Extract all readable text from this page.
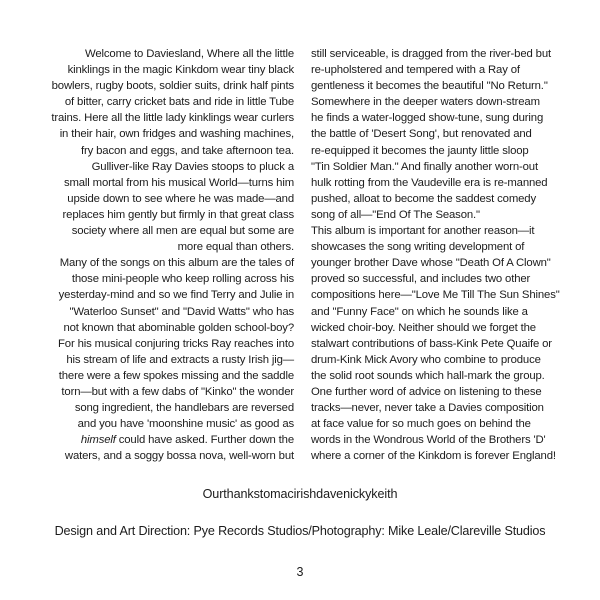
Welcome to Daviesland, Where all the little
kinklings in the magic Kinkdom wear tiny black
bowlers, rugby boots, soldier suits, drink half pints
of bitter, carry cricket bats and ride in little Tube
trains. Here all the little lady kinklings wear curlers
in their hair, own fridges and washing machines,
fry bacon and eggs, and take afternoon tea.
Gulliver-like Ray Davies stoops to pluck a
small mortal from his musical World—turns him
upside down to see where he was made—and
replaces him gently but firmly in that great class
society where all men are equal but some are
more equal than others.
Many of the songs on this album are the tales of
those mini-people who keep rolling across his
yesterday-mind and so we find Terry and Julie in
"Waterloo Sunset" and "David Watts" who has
not known that abominable golden school-boy?
For his musical conjuring tricks Ray reaches into
his stream of life and extracts a rusty Irish jig—
there were a few spokes missing and the saddle
torn—but with a few dabs of "Kinko" the wonder
song ingredient, the handlebars are reversed
and you have 'moonshine music' as good as
himself could have asked. Further down the
waters, and a soggy bossa nova, well-worn but
still serviceable, is dragged from the river-bed but
re-upholstered and tempered with a Ray of
gentleness it becomes the beautiful "No Return."
Somewhere in the deeper waters down-stream
he finds a water-logged show-tune, sung during
the battle of 'Desert Song', but renovated and
re-equipped it becomes the jaunty little sloop
"Tin Soldier Man." And finally another worn-out
hulk rotting from the Vaudeville era is re-manned
pushed, alloat to become the saddest comedy
song of all—"End Of The Season."
This album is important for another reason—it
showcases the song writing development of
younger brother Dave whose "Death Of A Clown"
proved so successful, and includes two other
compositions here—"Love Me Till The Sun Shines"
and "Funny Face" on which he sounds like a
wicked choir-boy. Neither should we forget the
stalwart contributions of bass-Kink Pete Quaife or
drum-Kink Mick Avory who combine to produce
the solid root sounds which hall-mark the group.
One further word of advice on listening to these
tracks—never, never take a Davies composition
at face value for so much goes on behind the
words in the Wondrous World of the Brothers 'D'
where a corner of the Kinkdom is forever England!
Ourthankstomacirishdavenickykeith
Design and Art Direction: Pye Records Studios/Photography: Mike Leale/Clareville Studios
3
